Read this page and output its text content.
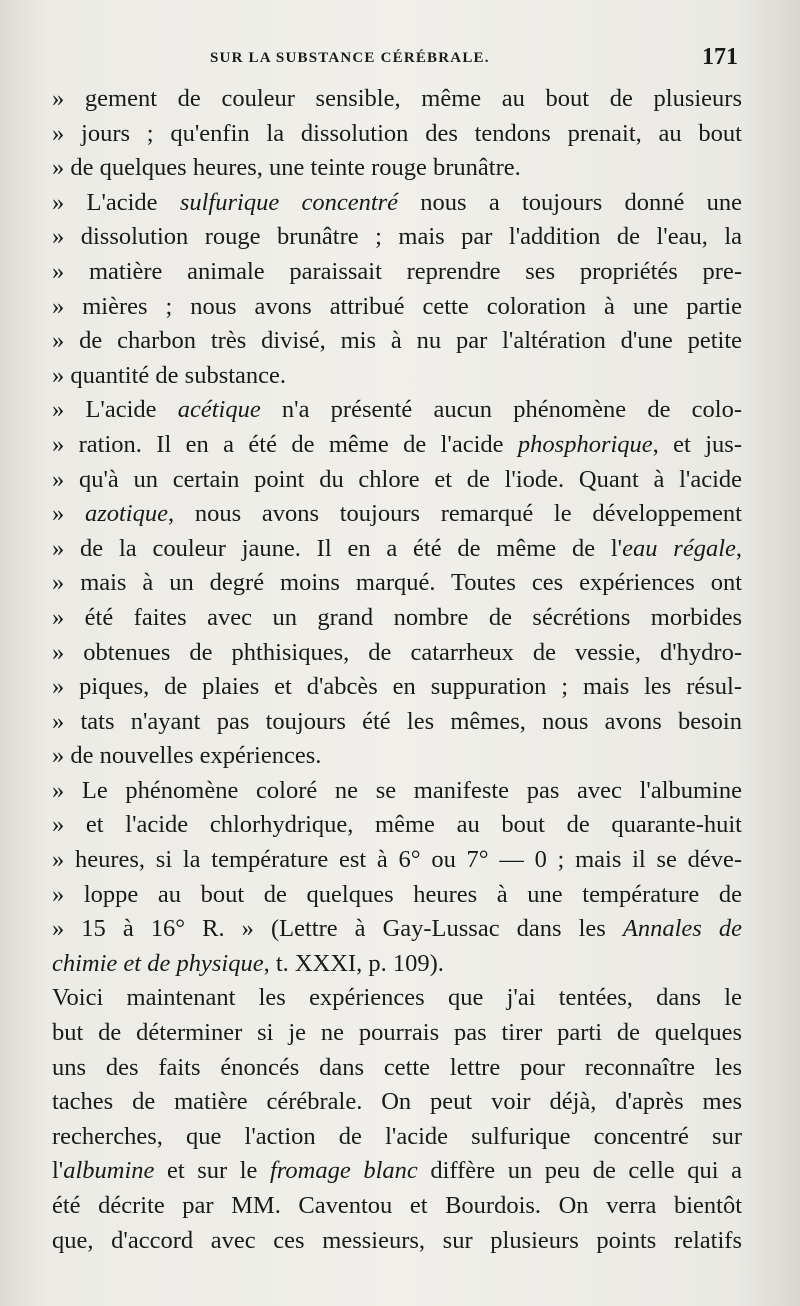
SUR LA SUBSTANCE CÉRÉBRALE.	171
» gement de couleur sensible, même au bout de plusieurs
» jours ; qu'enfin la dissolution des tendons prenait, au bout
» de quelques heures, une teinte rouge brunâtre.
» L'acide sulfurique concentré nous a toujours donné une
» dissolution rouge brunâtre ; mais par l'addition de l'eau, la
» matière animale paraissait reprendre ses propriétés pre-
» mières ; nous avons attribué cette coloration à une partie
» de charbon très divisé, mis à nu par l'altération d'une petite
» quantité de substance.
» L'acide acétique n'a présenté aucun phénomène de colo-
» ration. Il en a été de même de l'acide phosphorique, et jus-
» qu'à un certain point du chlore et de l'iode. Quant à l'acide
» azotique, nous avons toujours remarqué le développement
» de la couleur jaune. Il en a été de même de l'eau régale,
» mais à un degré moins marqué. Toutes ces expériences ont
» été faites avec un grand nombre de sécrétions morbides
» obtenues de phthisiques, de catarrheux de vessie, d'hydro-
» piques, de plaies et d'abcès en suppuration ; mais les résul-
» tats n'ayant pas toujours été les mêmes, nous avons besoin
» de nouvelles expériences.
» Le phénomène coloré ne se manifeste pas avec l'albumine
» et l'acide chlorhydrique, même au bout de quarante-huit
» heures, si la température est à 6° ou 7° — 0 ; mais il se déve-
» loppe au bout de quelques heures à une température de
» 15 à 16° R. » (Lettre à Gay-Lussac dans les Annales de
chimie et de physique, t. XXXI, p. 109).
Voici maintenant les expériences que j'ai tentées, dans le
but de déterminer si je ne pourrais pas tirer parti de quelques
uns des faits énoncés dans cette lettre pour reconnaître les
taches de matière cérébrale. On peut voir déjà, d'après mes
recherches, que l'action de l'acide sulfurique concentré sur
l'albumine et sur le fromage blanc diffère un peu de celle qui a
été décrite par MM. Caventou et Bourdois. On verra bientôt
que, d'accord avec ces messieurs, sur plusieurs points relatifs
